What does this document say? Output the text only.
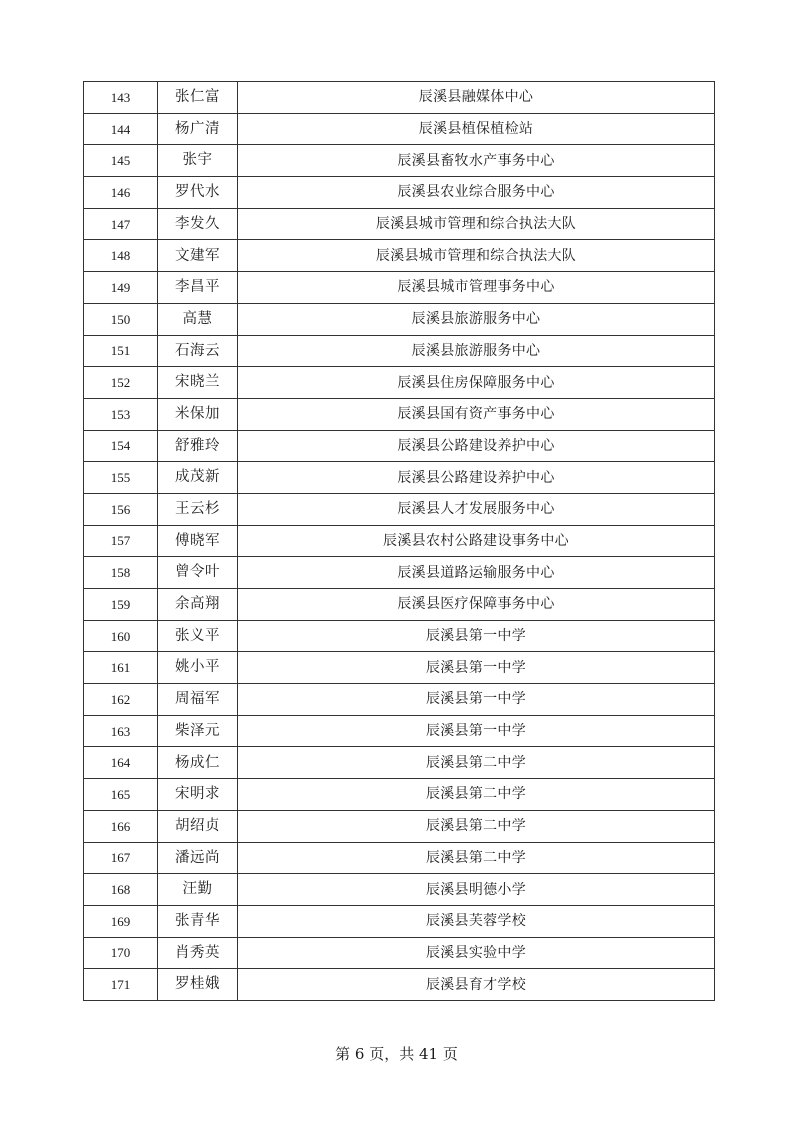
143	张仁富	辰溪县融媒体中心
144	杨广清	辰溪县植保植检站
145	张宇	辰溪县畜牧水产事务中心
146	罗代水	辰溪县农业综合服务中心
147	李发久	辰溪县城市管理和综合执法大队
148	文建军	辰溪县城市管理和综合执法大队
149	李昌平	辰溪县城市管理事务中心
150	高慧	辰溪县旅游服务中心
151	石海云	辰溪县旅游服务中心
152	宋晓兰	辰溪县住房保障服务中心
153	米保加	辰溪县国有资产事务中心
154	舒雅玲	辰溪县公路建设养护中心
155	成茂新	辰溪县公路建设养护中心
156	王云杉	辰溪县人才发展服务中心
157	傅晓军	辰溪县农村公路建设事务中心
158	曾令叶	辰溪县道路运输服务中心
159	余高翔	辰溪县医疗保障事务中心
160	张义平	辰溪县第一中学
161	姚小平	辰溪县第一中学
162	周福军	辰溪县第一中学
163	柴泽元	辰溪县第一中学
164	杨成仁	辰溪县第二中学
165	宋明求	辰溪县第二中学
166	胡绍贞	辰溪县第二中学
167	潘远尚	辰溪县第二中学
168	汪勤	辰溪县明德小学
169	张青华	辰溪县芙蓉学校
170	肖秀英	辰溪县实验中学
171	罗桂娥	辰溪县育才学校
第 6 页，共 41 页
